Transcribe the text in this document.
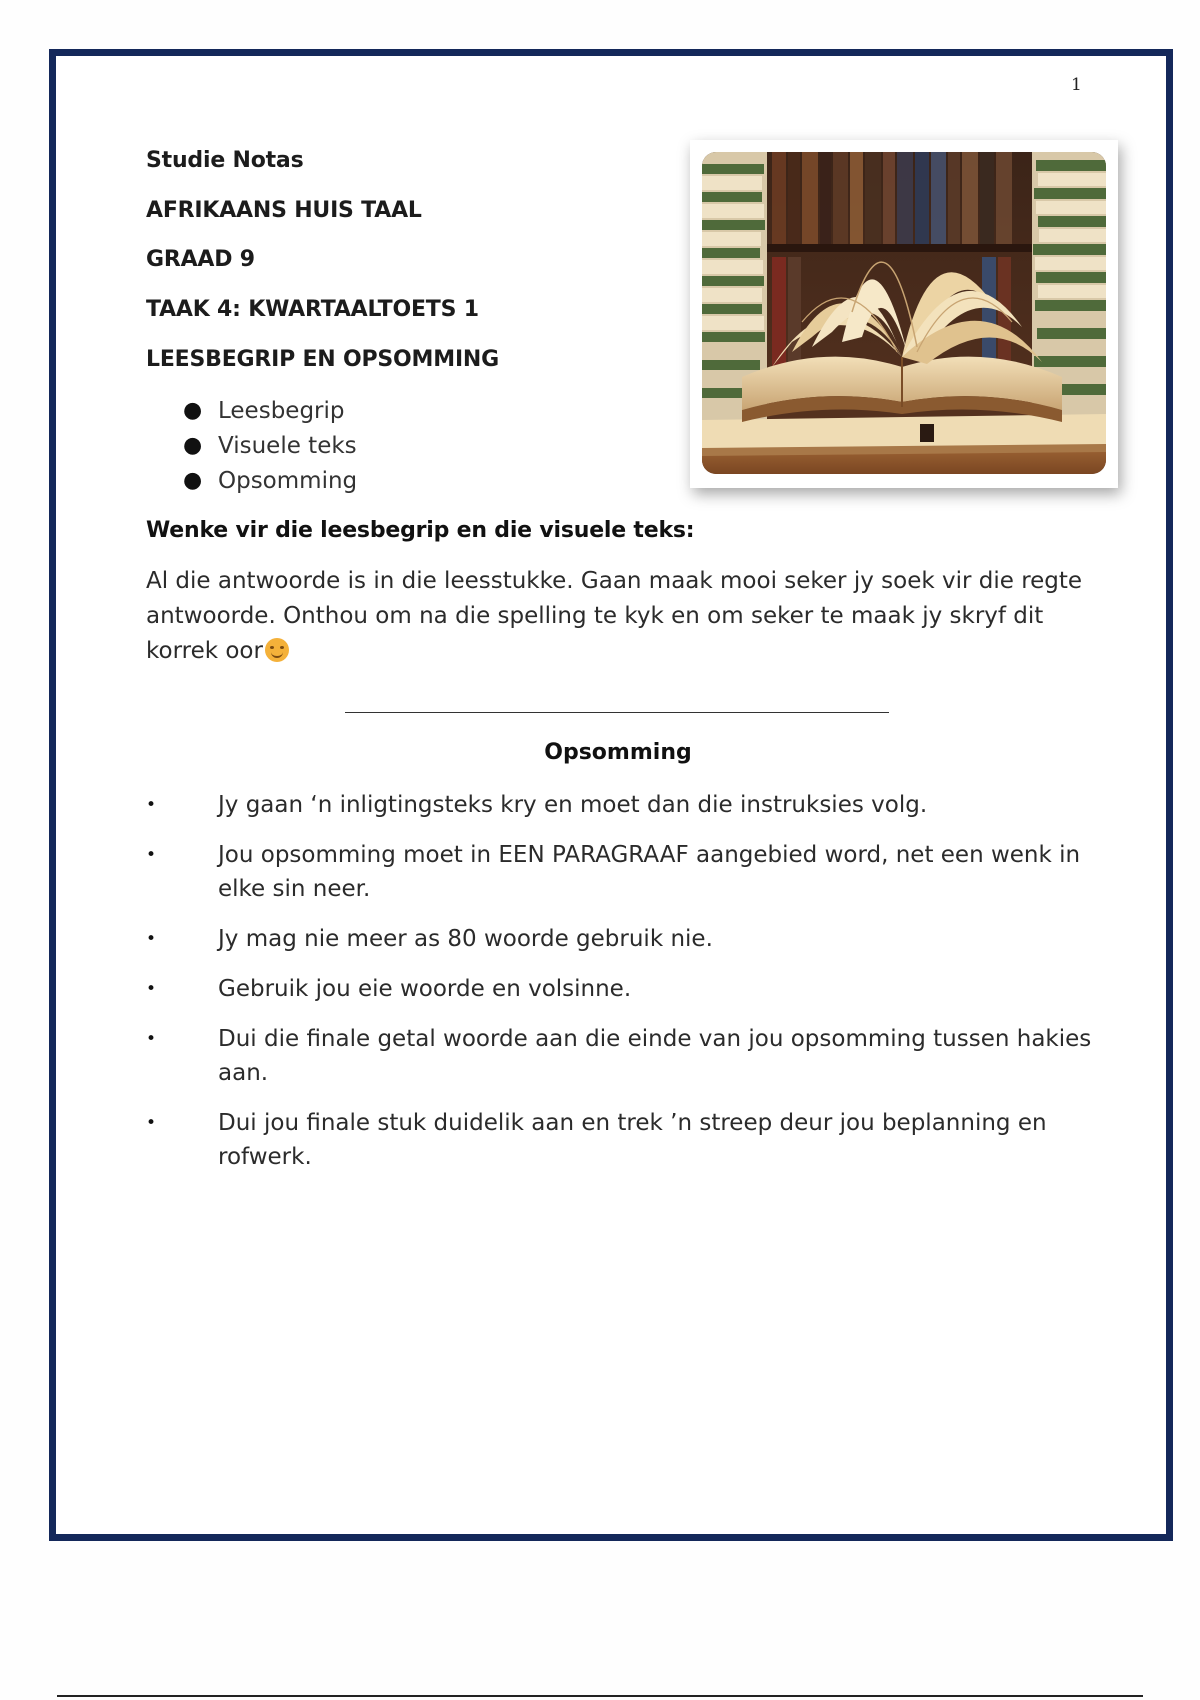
1
Studie Notas
AFRIKAANS HUIS TAAL
GRAAD 9
TAAK 4: KWARTAALTOETS 1
LEESBEGRIP EN OPSOMMING
● Leesbegrip
● Visuele teks
● Opsomming
Wenke vir die leesbegrip en die visuele teks:

Al die antwoorde is in die leesstukke. Gaan maak mooi seker jy soek vir die regte antwoorde. Onthou om na die spelling te kyk en om seker te maak jy skryf dit korrek oor

Opsomming
•	Jy gaan ‘n inligtingsteks kry en moet dan die instruksies volg.
•	Jou opsomming moet in EEN PARAGRAAF aangebied word, net een wenk in elke sin neer.
•	Jy mag nie meer as 80 woorde gebruik nie.
•	Gebruik jou eie woorde en volsinne.
•	Dui die finale getal woorde aan die einde van jou opsomming tussen hakies aan.
•	Dui jou finale stuk duidelik aan en trek ’n streep deur jou beplanning en rofwerk.
